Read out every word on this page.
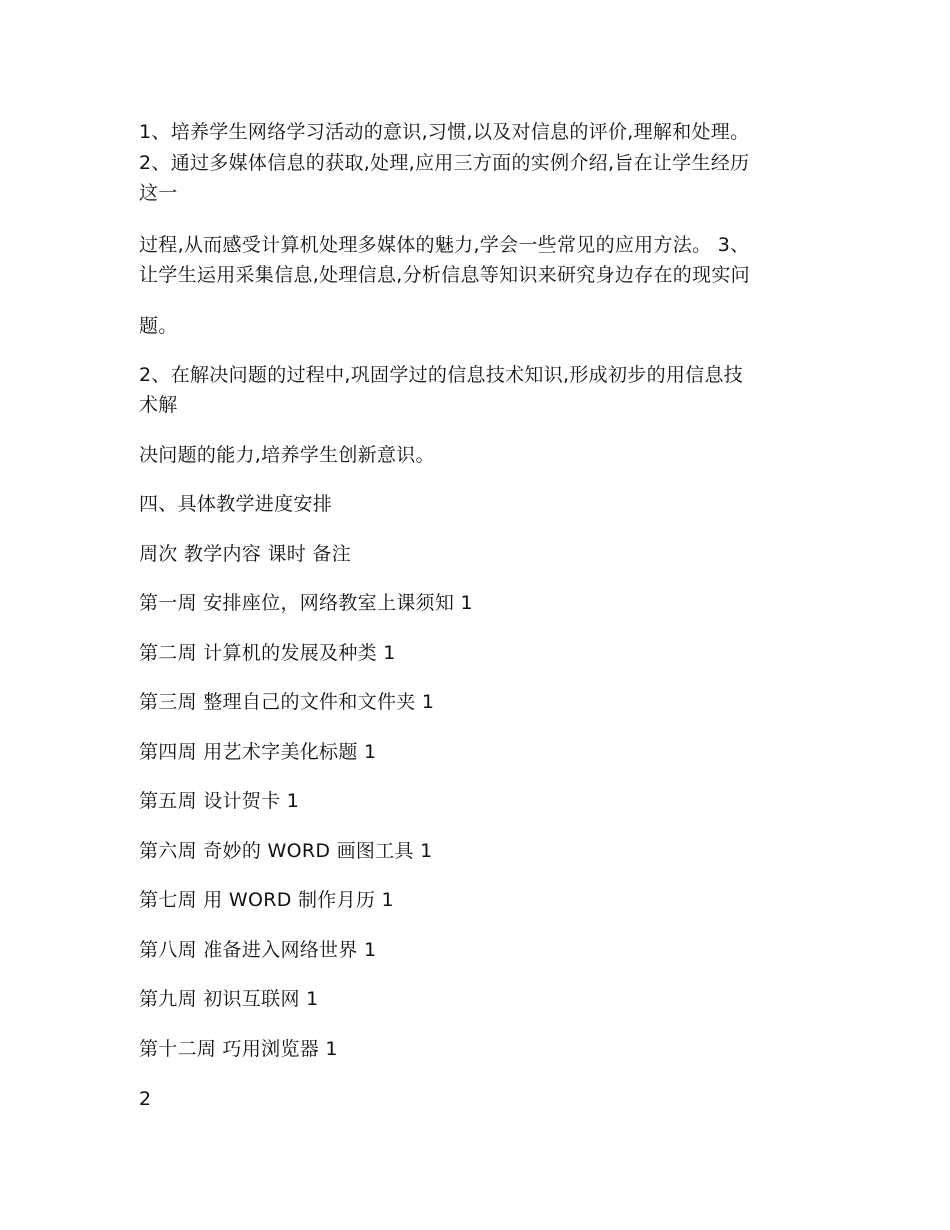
1、培养学生网络学习活动的意识,习惯,以及对信息的评价,理解和处理。
2、通过多媒体信息的获取,处理,应用三方面的实例介绍,旨在让学生经历
这一
过程,从而感受计算机处理多媒体的魅力,学会一些常见的应用方法。 3、
让学生运用采集信息,处理信息,分析信息等知识来研究身边存在的现实问
题。
2、在解决问题的过程中,巩固学过的信息技术知识,形成初步的用信息技
术解
决问题的能力,培养学生创新意识。
四、具体教学进度安排
周次 教学内容 课时 备注
第一周 安排座位，网络教室上课须知 1
第二周 计算机的发展及种类 1
第三周 整理自己的文件和文件夹 1
第四周 用艺术字美化标题 1
第五周 设计贺卡 1
第六周 奇妙的 WORD 画图工具 1
第七周 用 WORD 制作月历 1
第八周 准备进入网络世界 1
第九周 初识互联网 1
第十二周 巧用浏览器 1
2
